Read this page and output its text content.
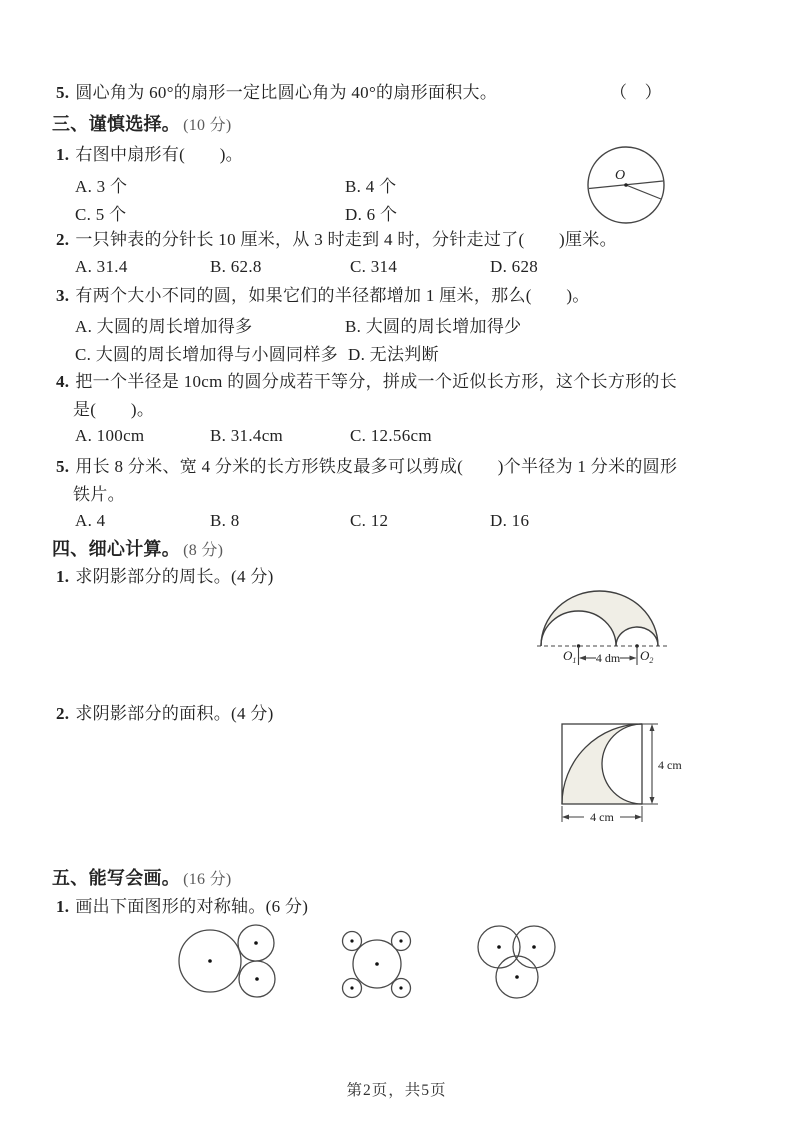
5. 圆心角为 60°的扇形一定比圆心角为 40°的扇形面积大。	（　）
三、谨慎选择。 (10 分)
1. 右图中扇形有(　　)。
A. 3 个	B. 4 个
C. 5 个	D. 6 个
O
2. 一只钟表的分针长 10 厘米，从 3 时走到 4 时，分针走过了(　　)厘米。
A. 31.4	B. 62.8	C. 314	D. 628
3. 有两个大小不同的圆，如果它们的半径都增加 1 厘米，那么(　　)。
A. 大圆的周长增加得多	B. 大圆的周长增加得少
C. 大圆的周长增加得与小圆同样多 D. 无法判断
4. 把一个半径是 10cm 的圆分成若干等分，拼成一个近似长方形，这个长方形的长
是(　　)。
A. 100cm	B. 31.4cm	C. 12.56cm
5. 用长 8 分米、宽 4 分米的长方形铁皮最多可以剪成(　　)个半径为 1 分米的圆形
铁片。
A. 4	B. 8	C. 12	D. 16
四、细心计算。 (8 分)
1. 求阴影部分的周长。(4 分)
$O_1$	$O_2$
4 dm
2. 求阴影部分的面积。(4 分)
4 cm
4 cm
五、能写会画。 (16 分)
1. 画出下面图形的对称轴。(6 分)
第2页，共5页
